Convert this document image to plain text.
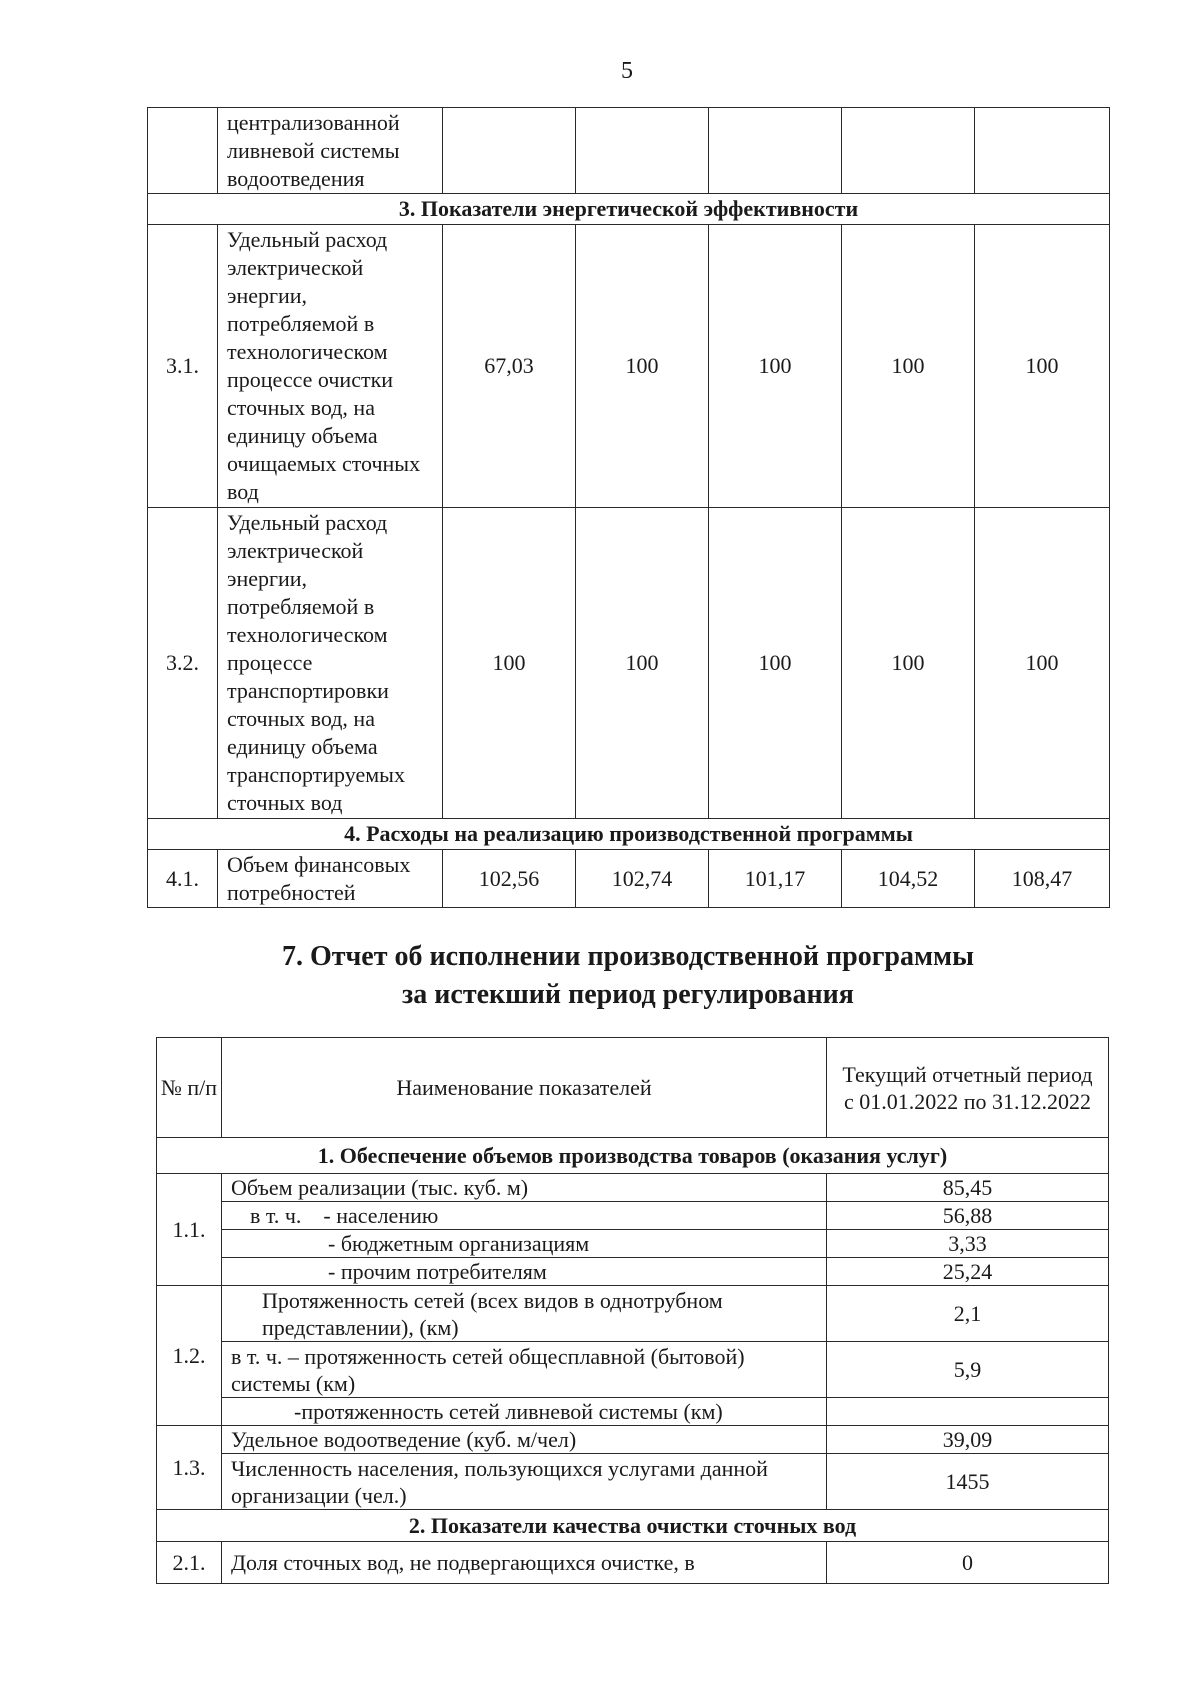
5
	централизованной ливневой системы водоотведения					
3. Показатели энергетической эффективности						
3.1.	Удельный расход электрической энергии, потребляемой в технологическом процессе очистки сточных вод, на единицу объема очищаемых сточных вод	67,03	100	100	100	100
3.2.	Удельный расход электрической энергии, потребляемой в технологическом процессе транспортировки сточных вод, на единицу объема транспортируемых сточных вод	100	100	100	100	100
4. Расходы на реализацию производственной программы						
4.1.	Объем финансовых потребностей	102,56	102,74	101,17	104,52	108,47
7. Отчет об исполнении производственной программы
за истекший период регулирования
№ п/п	Наименование показателей	Текущий отчетный период с 01.01.2022 по 31.12.2022
1. Обеспечение объемов производства товаров (оказания услуг)		
1.1.	Объем реализации (тыс. куб. м)	85,45
	в т. ч.    - населению	56,88
	- бюджетным организациям	3,33
	- прочим потребителям	25,24
1.2.	Протяженность сетей (всех видов в однотрубном представлении), (км)	2,1
	в т. ч. – протяженность сетей общесплавной (бытовой) системы (км)	5,9
	-протяженность сетей ливневой системы (км)	
1.3.	Удельное водоотведение (куб. м/чел)	39,09
	Численность населения, пользующихся услугами данной организации (чел.)	1455
2. Показатели качества очистки сточных вод		
2.1.	Доля сточных вод, не подвергающихся очистке, в	0
